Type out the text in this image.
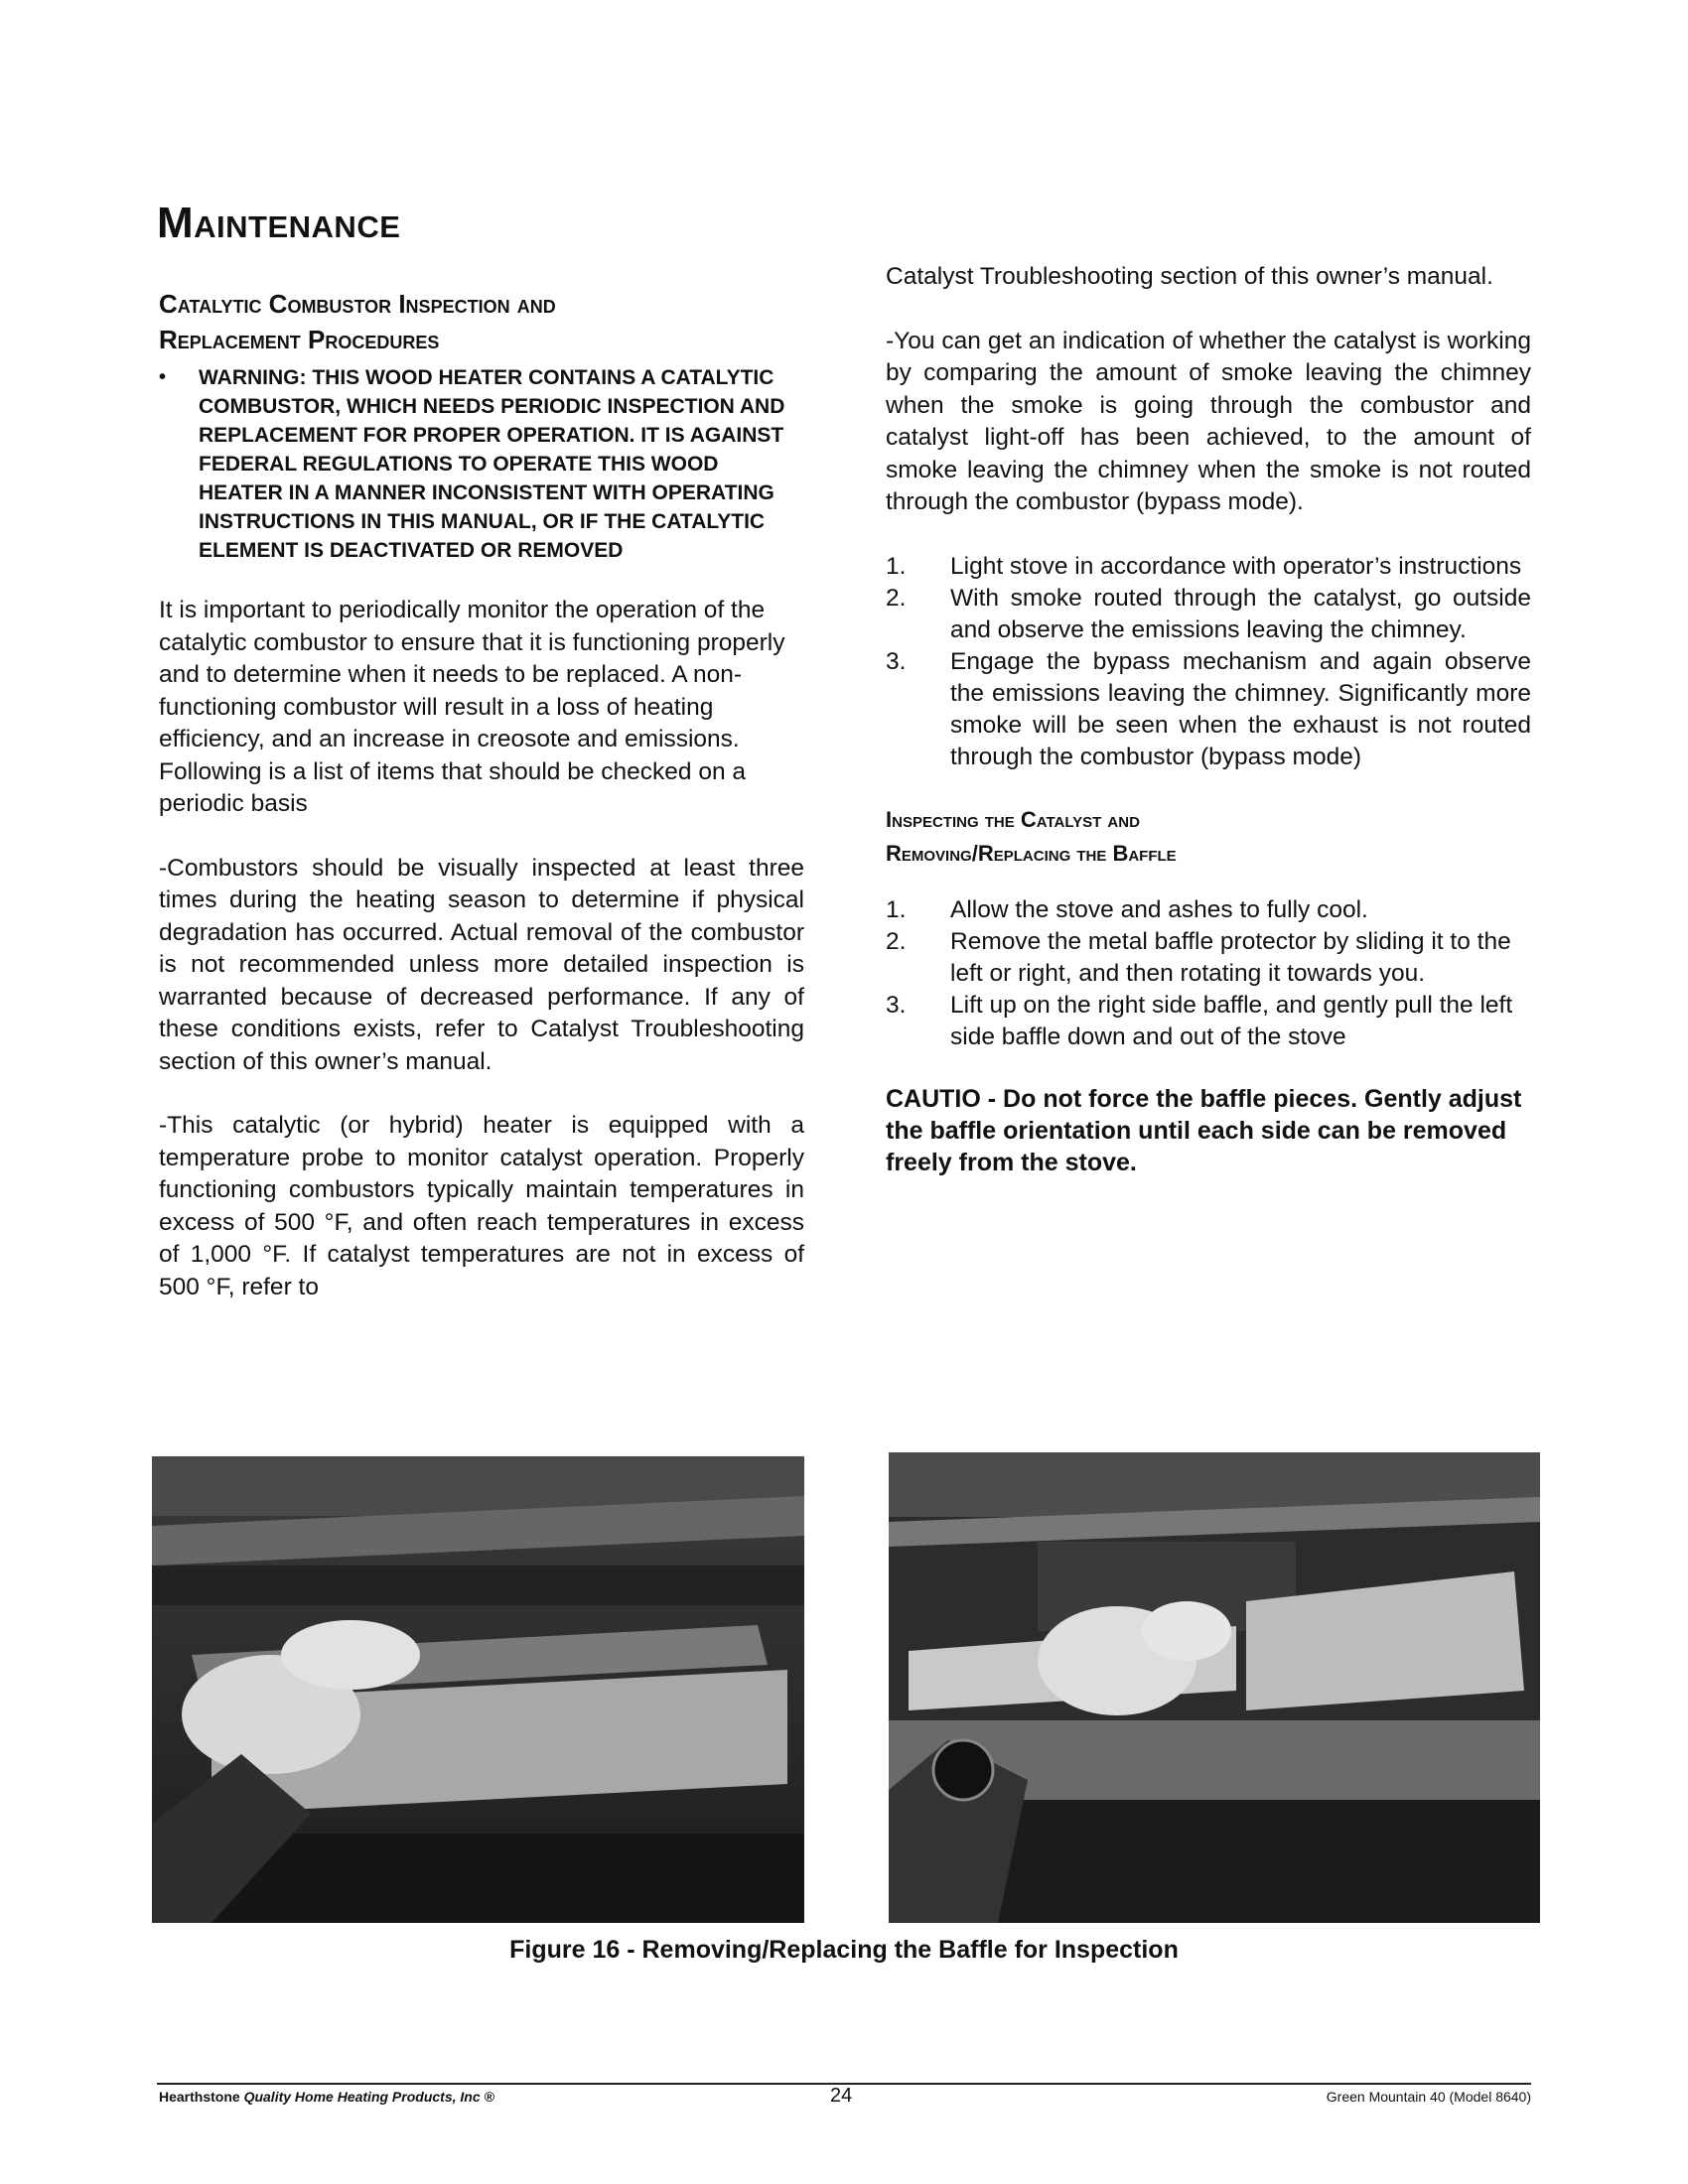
Maintenance
Catalytic Combustor Inspection and
Replacement Procedures
•	WARNING: THIS WOOD HEATER CONTAINS A CATALYTIC COMBUSTOR, WHICH NEEDS PERIODIC INSPECTION AND REPLACEMENT FOR PROPER OPERATION. IT IS AGAINST FEDERAL REGULATIONS TO OPERATE THIS WOOD HEATER IN A MANNER INCONSISTENT WITH OPERATING INSTRUCTIONS IN THIS MANUAL, OR IF THE CATALYTIC ELEMENT IS DEACTIVATED OR REMOVED

It is important to periodically monitor the operation of the catalytic combustor to ensure that it is functioning properly and to determine when it needs to be replaced. A non-functioning combustor will result in a loss of heating efficiency, and an increase in creosote and emissions. Following is a list of items that should be checked on a periodic basis

-Combustors should be visually inspected at least three times during the heating season to determine if physical degradation has occurred. Actual removal of the combustor is not recommended unless more detailed inspection is warranted because of decreased performance. If any of these conditions exists, refer to Catalyst Troubleshooting section of this owner’s manual.

-This catalytic (or hybrid) heater is equipped with a temperature probe to monitor catalyst operation. Properly functioning combustors typically maintain temperatures in excess of 500 °F, and often reach temperatures in excess of 1,000 °F. If catalyst temperatures are not in excess of 500 °F, refer to

Catalyst Troubleshooting section of this owner’s manual.

-You can get an indication of whether the catalyst is working by comparing the amount of smoke leaving the chimney when the smoke is going through the combustor and catalyst light-off has been achieved, to the amount of smoke leaving the chimney when the smoke is not routed through the combustor (bypass mode).

1.	Light stove in accordance with operator’s instructions
2.	With smoke routed through the catalyst, go outside and observe the emissions leaving the chimney.
3.	Engage the bypass mechanism and again observe the emissions leaving the chimney. Significantly more smoke will be seen when the exhaust is not routed through the combustor (bypass mode)
Inspecting the Catalyst and
Removing/Replacing the Baffle
1.	Allow the stove and ashes to fully cool.
2.	Remove the metal baffle protector by sliding it to the left or right, and then rotating it towards you.
3.	Lift up on the right side baffle, and gently pull the left side baffle down and out of the stove

CAUTIO - Do not force the baffle pieces. Gently adjust the baffle orientation until each side can be removed freely from the stove.

Figure 16 - Removing/Replacing the Baffle for Inspection
Hearthstone Quality Home Heating Products, Inc ®	24	Green Mountain 40 (Model 8640)
